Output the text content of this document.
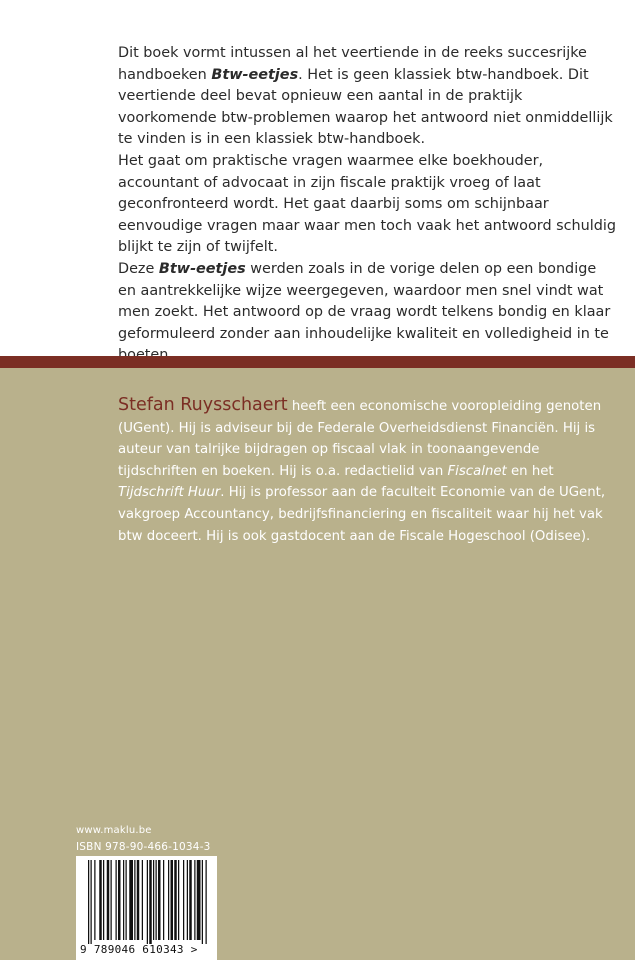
Dit boek vormt intussen al het veertiende in de reeks succesrijke handboeken Btw-eetjes. Het is geen klassiek btw-handboek. Dit veertiende deel bevat opnieuw een aantal in de praktijk voorkomende btw-problemen waarop het antwoord niet onmiddellijk te vinden is in een klassiek btw-handboek.

Het gaat om praktische vragen waarmee elke boekhouder, accountant of advocaat in zijn fiscale praktijk vroeg of laat geconfronteerd wordt. Het gaat daarbij soms om schijnbaar eenvoudige vragen maar waar men toch vaak het antwoord schuldig blijkt te zijn of twijfelt.

Deze Btw-eetjes werden zoals in de vorige delen op een bondige en aantrekkelijke wijze weergegeven, waardoor men snel vindt wat men zoekt. Het antwoord op de vraag wordt telkens bondig en klaar geformuleerd zonder aan inhoudelijke kwaliteit en volledigheid in te

Stefan Ruysschaert heeft een economische vooropleiding genoten (UGent). Hij is adviseur bij de Federale Overheidsdienst Financiën. Hij is auteur van talrijke bijdragen op fiscaal vlak in toonaangevende tijdschriften en boeken. Hij is o.a. redactielid van Fiscalnet en het Tijdschrift Huur. Hij is professor aan de faculteit Economie van de UGent, vakgroep Accountancy, bedrijfsfinanciering en fiscaliteit waar hij het vak btw doceert. Hij is ook gastdocent aan de Fiscale Hogeschool (Odisee).
www.maklu.be
ISBN 978-90-466-1034-3
9 789046 610343 >
